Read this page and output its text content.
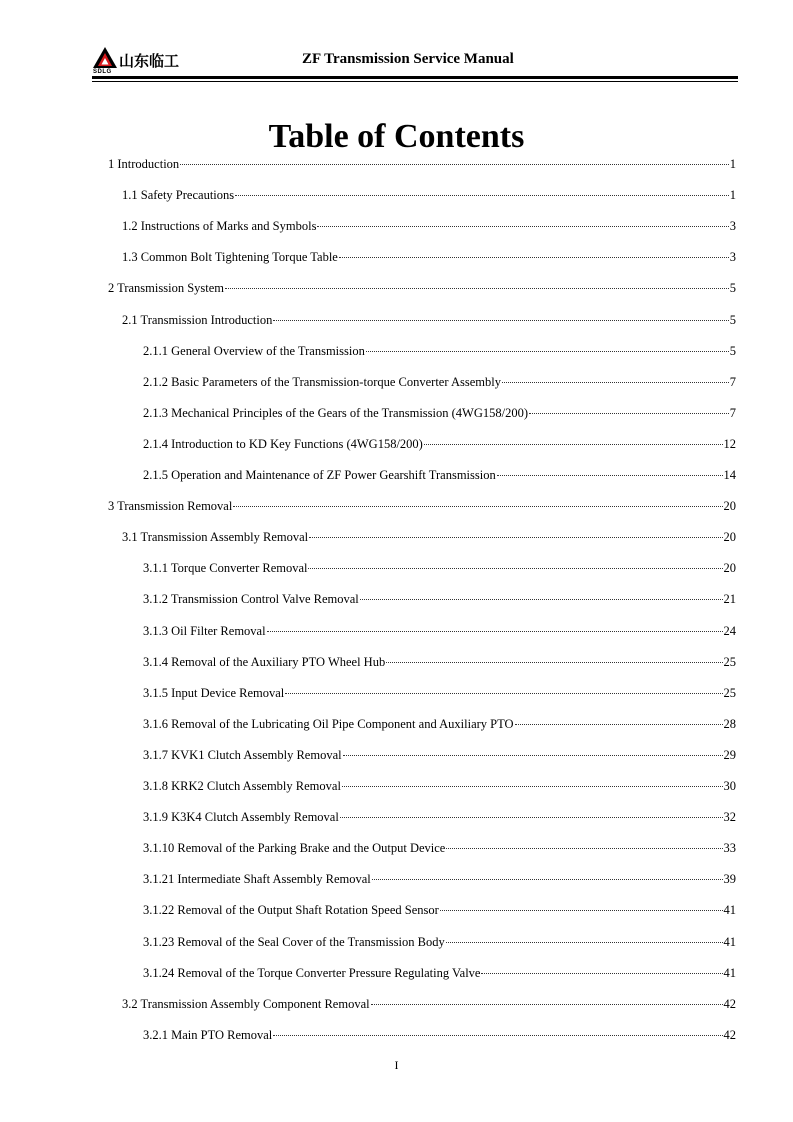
山东临工
SDLG
ZF Transmission Service Manual
Table of Contents
1 Introduction	1
1.1 Safety Precautions	1
1.2 Instructions of Marks and Symbols	3
1.3 Common Bolt Tightening Torque Table	3
2 Transmission System	5
2.1 Transmission Introduction	5
2.1.1 General Overview of the Transmission	5
2.1.2 Basic Parameters of the Transmission-torque Converter Assembly	7
2.1.3 Mechanical Principles of the Gears of the Transmission (4WG158/200)	7
2.1.4 Introduction to KD Key Functions (4WG158/200)	12
2.1.5 Operation and Maintenance of ZF Power Gearshift Transmission	14
3 Transmission Removal	20
3.1 Transmission Assembly Removal	20
3.1.1 Torque Converter Removal	20
3.1.2 Transmission Control Valve Removal	21
3.1.3 Oil Filter Removal	24
3.1.4 Removal of the Auxiliary PTO Wheel Hub	25
3.1.5 Input Device Removal	25
3.1.6 Removal of the Lubricating Oil Pipe Component and Auxiliary PTO	28
3.1.7 KVK1 Clutch Assembly Removal	29
3.1.8 KRK2 Clutch Assembly Removal	30
3.1.9 K3K4 Clutch Assembly Removal	32
3.1.10 Removal of the Parking Brake and the Output Device	33
3.1.21 Intermediate Shaft Assembly Removal	39
3.1.22 Removal of the Output Shaft Rotation Speed Sensor	41
3.1.23 Removal of the Seal Cover of the Transmission Body	41
3.1.24 Removal of the Torque Converter Pressure Regulating Valve	41
3.2 Transmission Assembly Component Removal	42
3.2.1 Main PTO Removal	42
I
